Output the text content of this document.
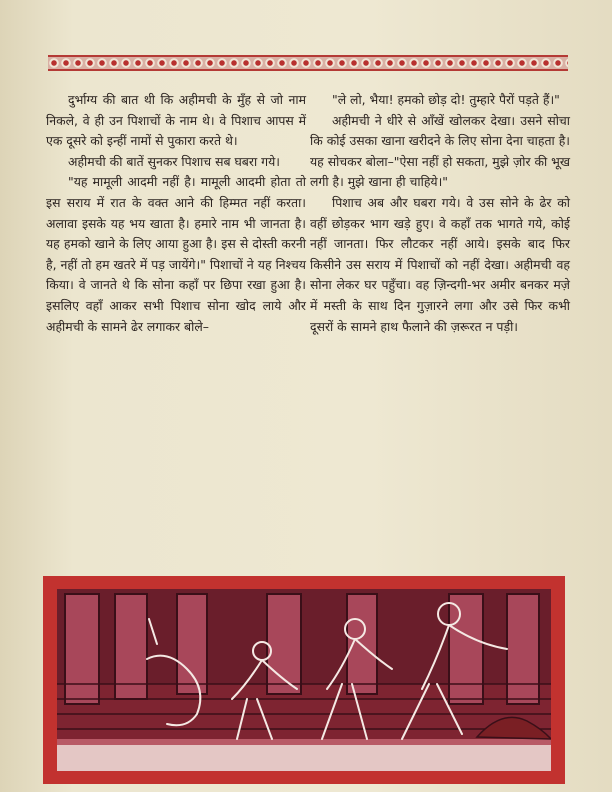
दुर्भाग्य की बात थी कि अहीमची के मुँह से जो नाम निकले, वे ही उन पिशाचों के नाम थे। वे पिशाच आपस में एक दूसरे को इन्हीं नामों से पुकारा करते थे।

अहीमची की बातें सुनकर पिशाच सब घबरा गये।

"यह मामूली आदमी नहीं है। मामूली आदमी होता तो इस सराय में रात के वक्त आने की हिम्मत नहीं करता। अलावा इसके यह भय खाता है। हमारे नाम भी जानता है। यह हमको खाने के लिए आया हुआ है। इस से दोस्ती करनी है, नहीं तो हम खतरे में पड़ जायेंगे।" पिशाचों ने यह निश्चय किया। वे जानते थे कि सोना कहाँ पर छिपा रखा हुआ है। इसलिए वहाँ आकर सभी पिशाच सोना खोद लाये और अहीमची के सामने ढेर लगाकर बोले–

"ले लो, भैया! हमको छोड़ दो! तुम्हारे पैरों पड़ते हैं।"

अहीमची ने धीरे से आँखें खोलकर देखा। उसने सोचा कि कोई उसका खाना खरीदने के लिए सोना देना चाहता है। यह सोचकर बोला–"ऐसा नहीं हो सकता, मुझे ज़ोर की भूख लगी है। मुझे खाना ही चाहिये।"

पिशाच अब और घबरा गये। वे उस सोने के ढेर को वहीं छोड़कर भाग खड़े हुए। वे कहाँ तक भागते गये, कोई नहीं जानता। फिर लौटकर नहीं आये। इसके बाद फिर किसीने उस सराय में पिशाचों को नहीं देखा। अहीमची वह सोना लेकर घर पहुँचा। वह ज़िन्दगी-भर अमीर बनकर मज़े में मस्ती के साथ दिन गुज़ारने लगा और उसे फिर कभी दूसरों के सामने हाथ फैलाने की ज़रूरत न पड़ी।
